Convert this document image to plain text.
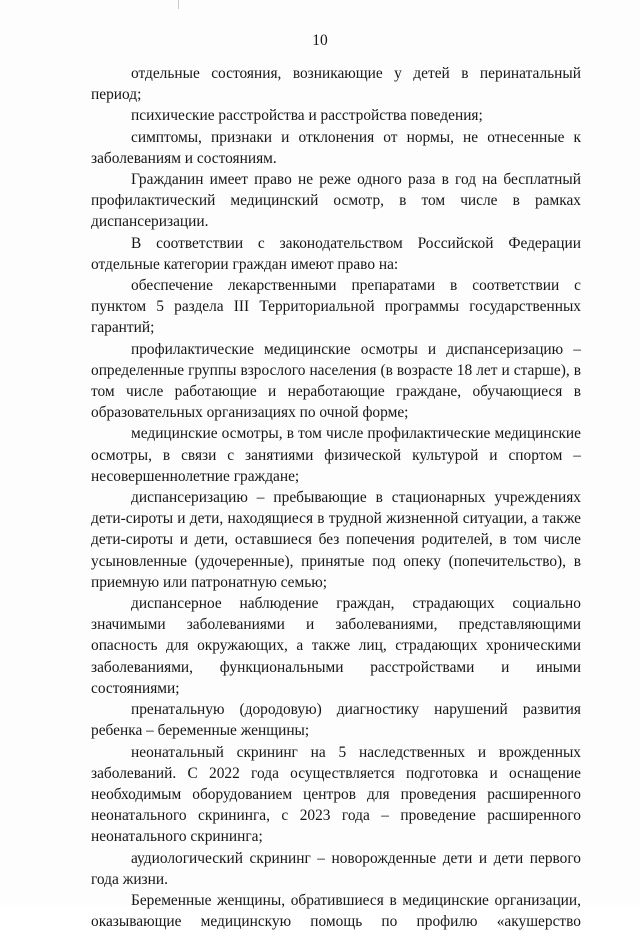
10

отдельные состояния, возникающие у детей в перинатальный период;

психические расстройства и расстройства поведения;

симптомы, признаки и отклонения от нормы, не отнесенные к заболеваниям и состояниям.

Гражданин имеет право не реже одного раза в год на бесплатный профилактический медицинский осмотр, в том числе в рамках диспансеризации.

В соответствии с законодательством Российской Федерации отдельные категории граждан имеют право на:

обеспечение лекарственными препаратами в соответствии с пунктом 5 раздела III Территориальной программы государственных гарантий;

профилактические медицинские осмотры и диспансеризацию – определенные группы взрослого населения (в возрасте 18 лет и старше), в том числе работающие и неработающие граждане, обучающиеся в образовательных организациях по очной форме;

медицинские осмотры, в том числе профилактические медицинские осмотры, в связи с занятиями физической культурой и спортом – несовершеннолетние граждане;

диспансеризацию – пребывающие в стационарных учреждениях дети-сироты и дети, находящиеся в трудной жизненной ситуации, а также дети-сироты и дети, оставшиеся без попечения родителей, в том числе усыновленные (удочеренные), принятые под опеку (попечительство), в приемную или патронатную семью;

диспансерное наблюдение граждан, страдающих социально значимыми заболеваниями и заболеваниями, представляющими опасность для окружающих, а также лиц, страдающих хроническими заболеваниями, функциональными расстройствами и иными состояниями;

пренатальную (дородовую) диагностику нарушений развития ребенка – беременные женщины;

неонатальный скрининг на 5 наследственных и врожденных заболеваний. С 2022 года осуществляется подготовка и оснащение необходимым оборудованием центров для проведения расширенного неонатального скрининга, с 2023 года – проведение расширенного неонатального скрининга;

аудиологический скрининг – новорожденные дети и дети первого года жизни.

Беременные женщины, обратившиеся в медицинские организации, оказывающие медицинскую помощь по профилю «акушерство
